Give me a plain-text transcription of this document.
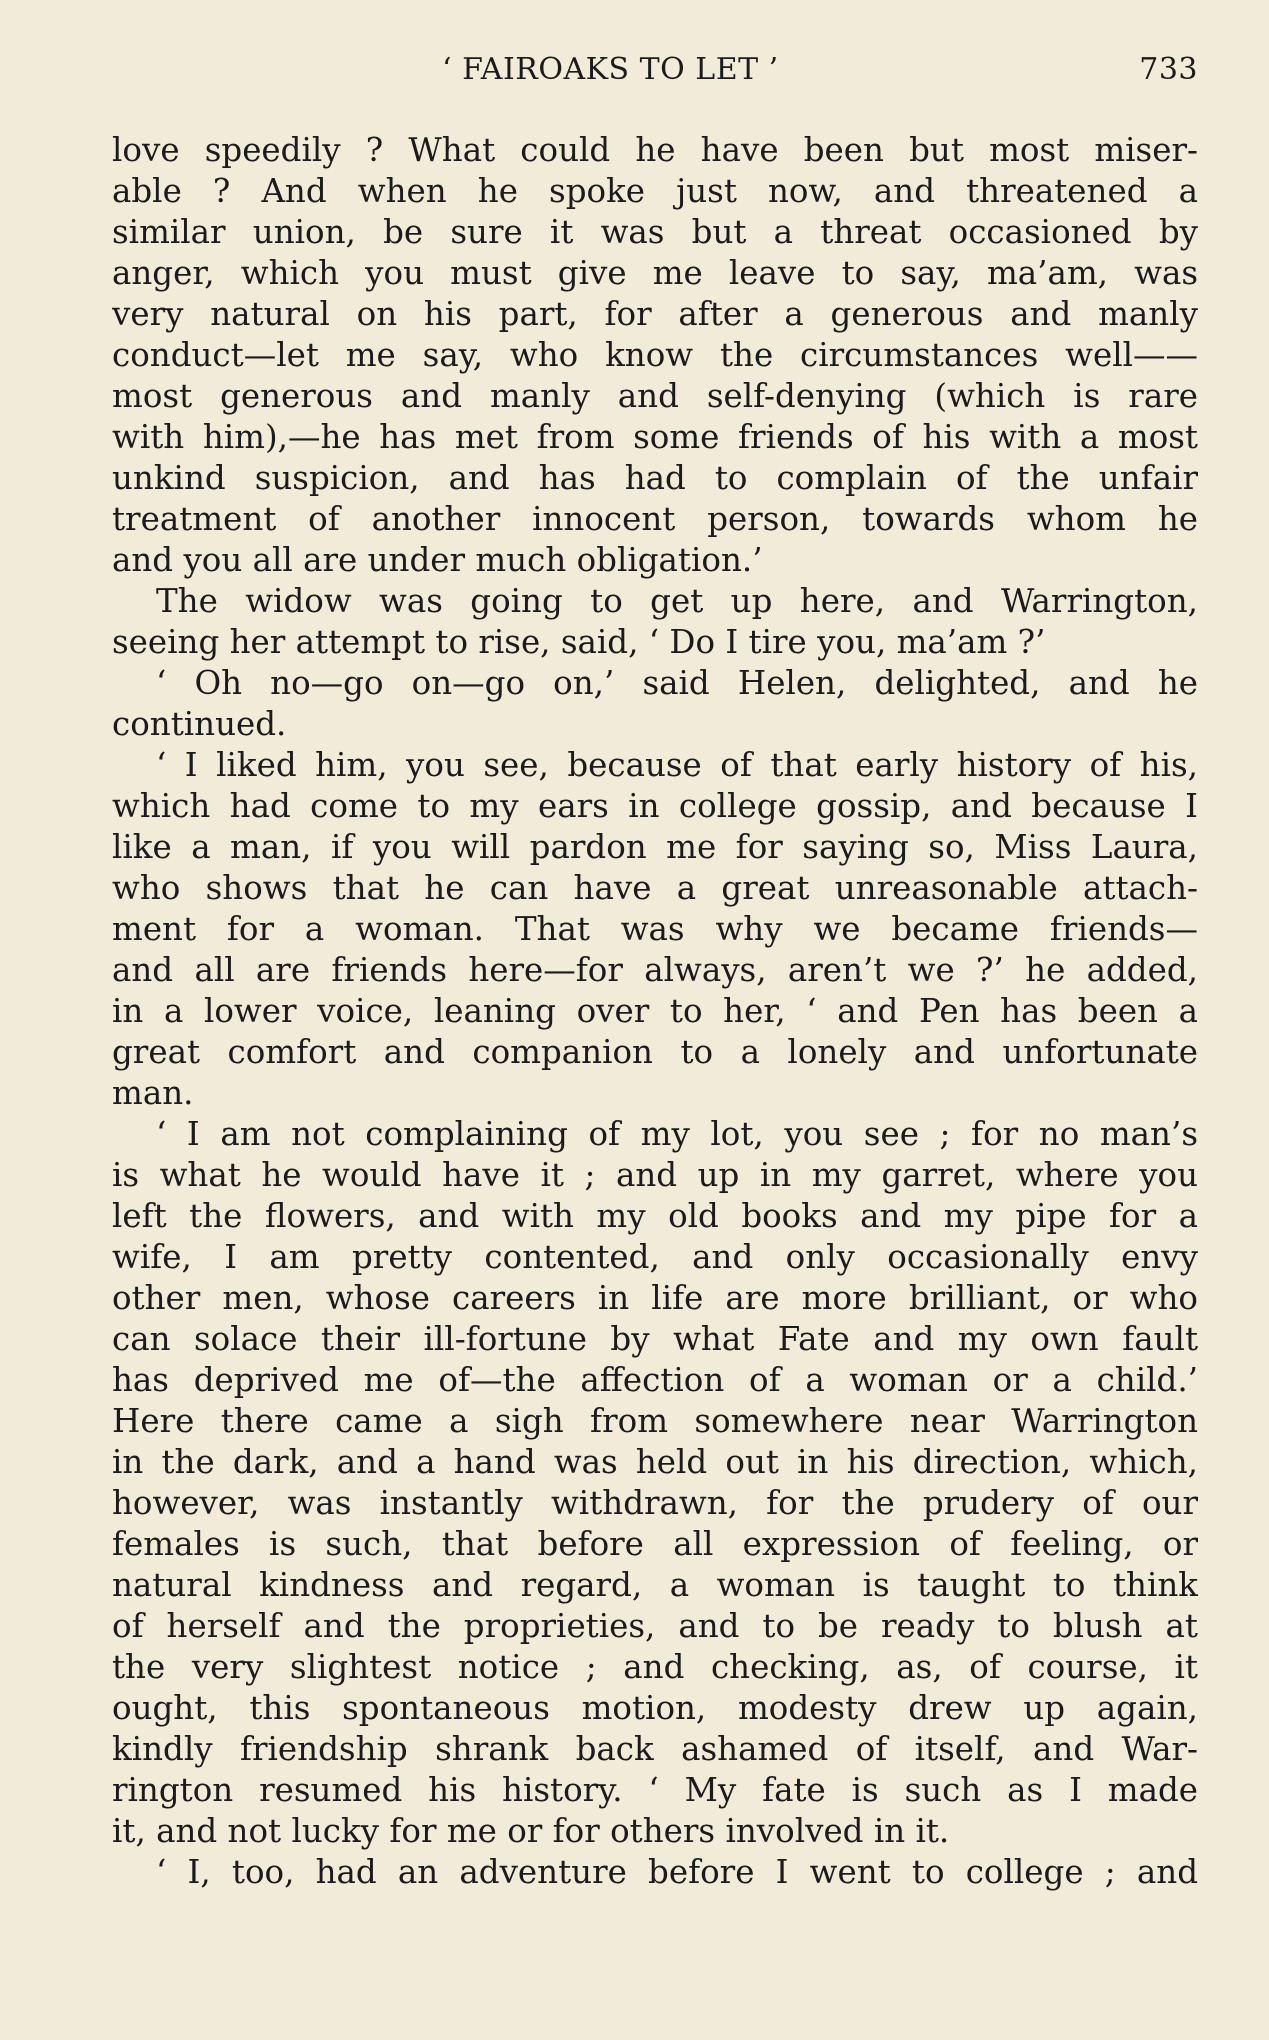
‘ FAIROAKS TO LET ’	733
love speedily ? What could he have been but most miser-
able ? And when he spoke just now, and threatened a
similar union, be sure it was but a threat occasioned by
anger, which you must give me leave to say, ma’am, was
very natural on his part, for after a generous and manly
conduct—let me say, who know the circumstances well——
most generous and manly and self-denying (which is rare
with him),—he has met from some friends of his with a most
unkind suspicion, and has had to complain of the unfair
treatment of another innocent person, towards whom he
and you all are under much obligation.’
The widow was going to get up here, and Warrington,
seeing her attempt to rise, said, ‘ Do I tire you, ma’am ?’
‘ Oh no—go on—go on,’ said Helen, delighted, and he
continued.
‘ I liked him, you see, because of that early history of his,
which had come to my ears in college gossip, and because I
like a man, if you will pardon me for saying so, Miss Laura,
who shows that he can have a great unreasonable attach-
ment for a woman. That was why we became friends—
and all are friends here—for always, aren’t we ?’ he added,
in a lower voice, leaning over to her, ‘ and Pen has been a
great comfort and companion to a lonely and unfortunate
man.
‘ I am not complaining of my lot, you see ; for no man’s
is what he would have it ; and up in my garret, where you
left the flowers, and with my old books and my pipe for a
wife, I am pretty contented, and only occasionally envy
other men, whose careers in life are more brilliant, or who
can solace their ill-fortune by what Fate and my own fault
has deprived me of—the affection of a woman or a child.’
Here there came a sigh from somewhere near Warrington
in the dark, and a hand was held out in his direction, which,
however, was instantly withdrawn, for the prudery of our
females is such, that before all expression of feeling, or
natural kindness and regard, a woman is taught to think
of herself and the proprieties, and to be ready to blush at
the very slightest notice ; and checking, as, of course, it
ought, this spontaneous motion, modesty drew up again,
kindly friendship shrank back ashamed of itself, and War-
rington resumed his history. ‘ My fate is such as I made
it, and not lucky for me or for others involved in it.
‘ I, too, had an adventure before I went to college ; and
